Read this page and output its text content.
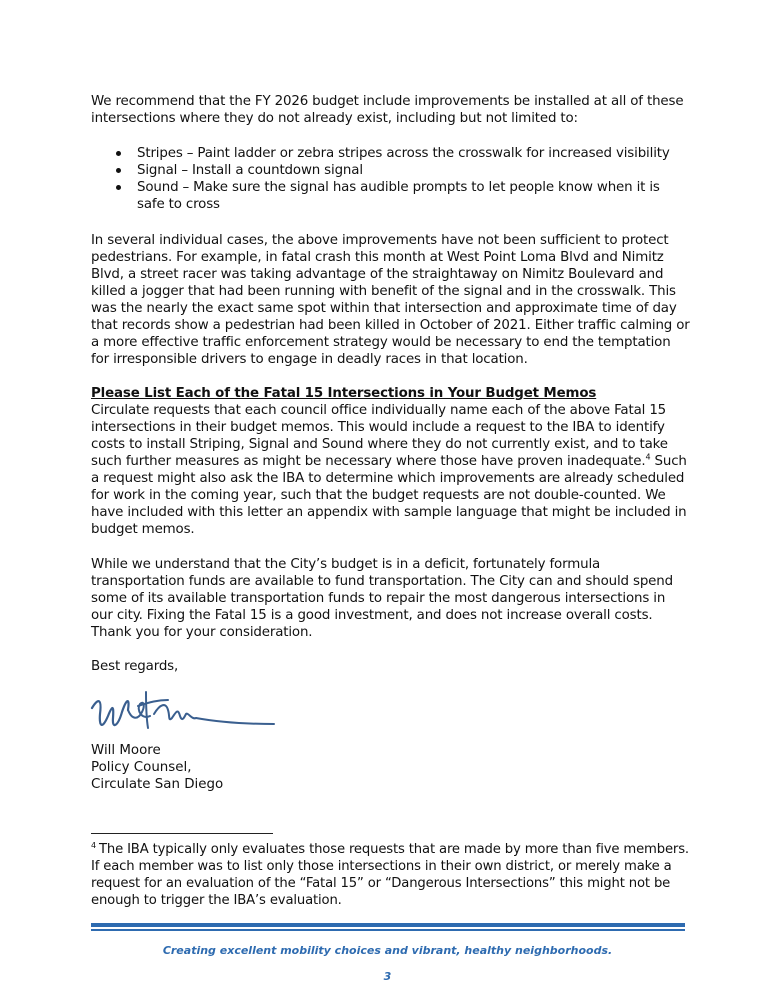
We recommend that the FY 2026 budget include improvements be installed at all of these intersections where they do not already exist, including but not limited to:

Stripes – Paint ladder or zebra stripes across the crosswalk for increased visibility
Signal – Install a countdown signal
Sound – Make sure the signal has audible prompts to let people know when it is safe to cross

In several individual cases, the above improvements have not been sufficient to protect pedestrians. For example, in fatal crash this month at West Point Loma Blvd and Nimitz Blvd, a street racer was taking advantage of the straightaway on Nimitz Boulevard and killed a jogger that had been running with benefit of the signal and in the crosswalk. This was the nearly the exact same spot within that intersection and approximate time of day that records show a pedestrian had been killed in October of 2021. Either traffic calming or a more effective traffic enforcement strategy would be necessary to end the temptation for irresponsible drivers to engage in deadly races in that location.

Please List Each of the Fatal 15 Intersections in Your Budget Memos
Circulate requests that each council office individually name each of the above Fatal 15 intersections in their budget memos. This would include a request to the IBA to identify costs to install Striping, Signal and Sound where they do not currently exist, and to take such further measures as might be necessary where those have proven inadequate.$^4$ Such a request might also ask the IBA to determine which improvements are already scheduled for work in the coming year, such that the budget requests are not double-counted. We have included with this letter an appendix with sample language that might be included in budget memos.

While we understand that the City’s budget is in a deficit, fortunately formula transportation funds are available to fund transportation. The City can and should spend some of its available transportation funds to repair the most dangerous intersections in our city. Fixing the Fatal 15 is a good investment, and does not increase overall costs. Thank you for your consideration.

Best regards,

Will Moore
Policy Counsel,
Circulate San Diego

$^4$ The IBA typically only evaluates those requests that are made by more than five members. If each member was to list only those intersections in their own district, or merely make a request for an evaluation of the “Fatal 15” or “Dangerous Intersections” this might not be enough to trigger the IBA’s evaluation.

Creating excellent mobility choices and vibrant, healthy neighborhoods.
3
